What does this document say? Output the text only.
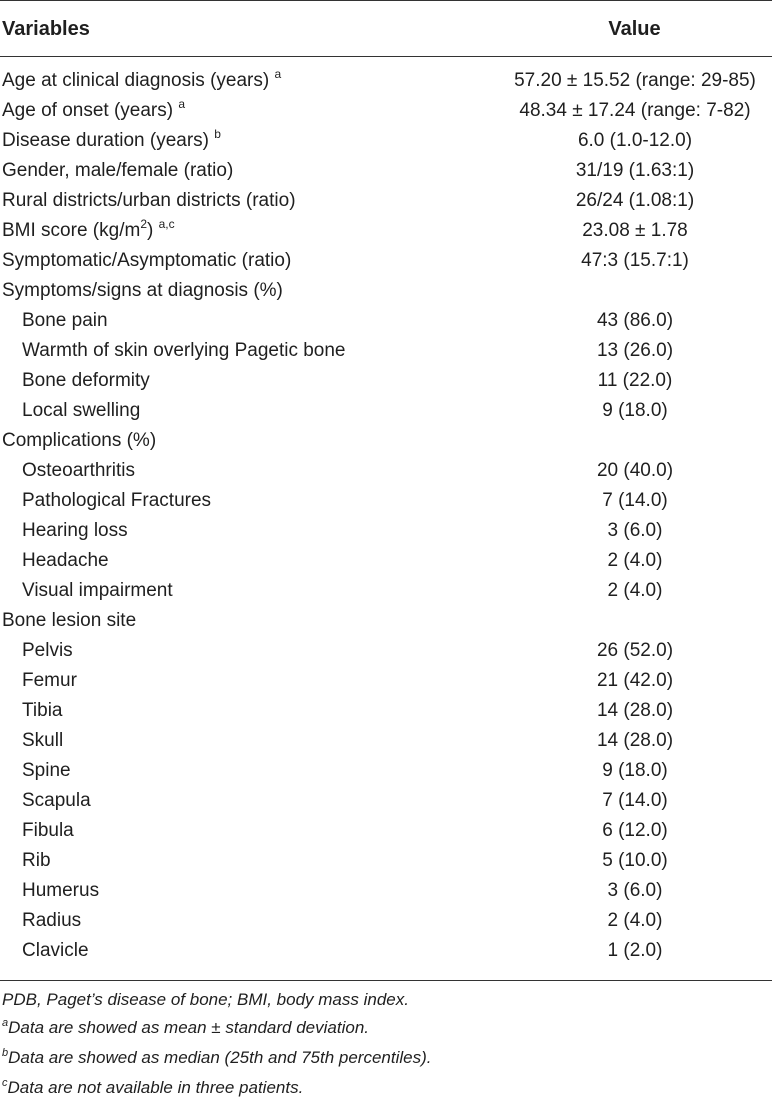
Variables	Value
Age at clinical diagnosis (years) $^a$	57.20 ± 15.52 (range: 29-85)
Age of onset (years) $^a$	48.34 ± 17.24 (range: 7-82)
Disease duration (years) $^b$	6.0 (1.0-12.0)
Gender, male/female (ratio)	31/19 (1.63:1)
Rural districts/urban districts (ratio)	26/24 (1.08:1)
BMI score $(kg/m^2)$ $^{a,c}$	23.08 ± 1.78
Symptomatic/Asymptomatic (ratio)	47:3 (15.7:1)
Symptoms/signs at diagnosis (%)
Bone pain	43 (86.0)
Warmth of skin overlying Pagetic bone	13 (26.0)
Bone deformity	11 (22.0)
Local swelling	9 (18.0)
Complications (%)
Osteoarthritis	20 (40.0)
Pathological Fractures	7 (14.0)
Hearing loss	3 (6.0)
Headache	2 (4.0)
Visual impairment	2 (4.0)
Bone lesion site
Pelvis	26 (52.0)
Femur	21 (42.0)
Tibia	14 (28.0)
Skull	14 (28.0)
Spine	9 (18.0)
Scapula	7 (14.0)
Fibula	6 (12.0)
Rib	5 (10.0)
Humerus	3 (6.0)
Radius	2 (4.0)
Clavicle	1 (2.0)
PDB, Paget’s disease of bone; BMI, body mass index.
$^a$Data are showed as mean ± standard deviation.
$^b$Data are showed as median (25th and 75th percentiles).
$^c$Data are not available in three patients.
